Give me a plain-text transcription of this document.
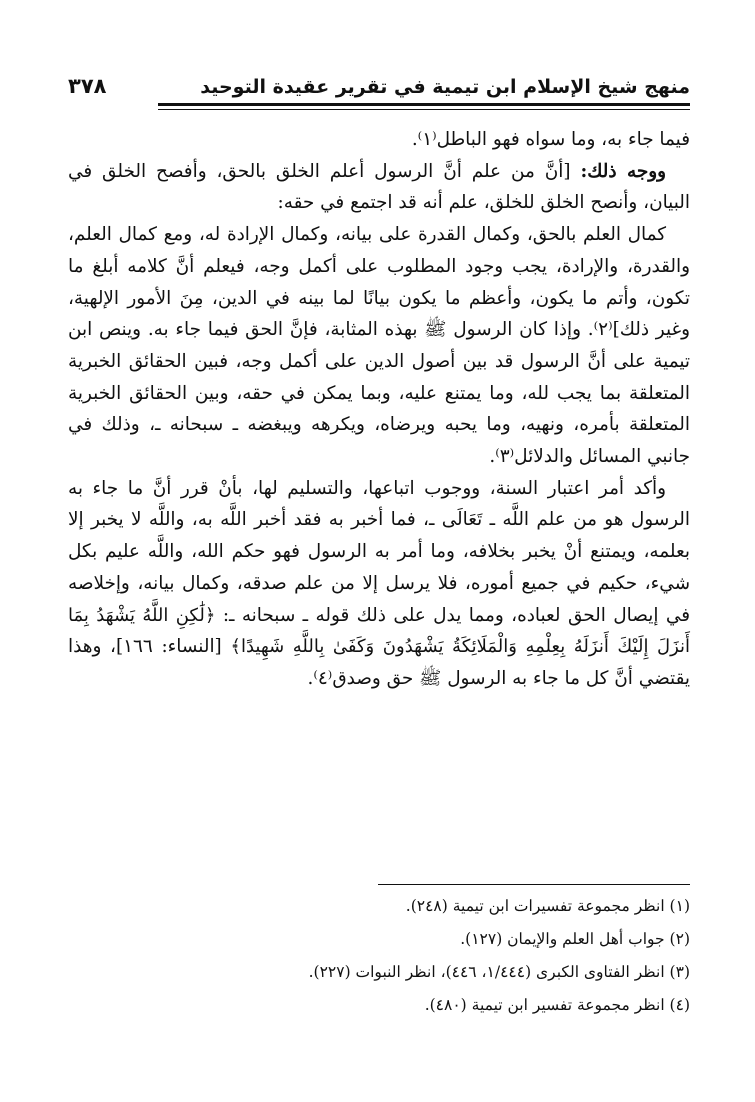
منهج شيخ الإسلام ابن تيمية في تقرير عقيدة التوحيد
٣٧٨

فيما جاء به، وما سواه فهو الباطل⁽١⁾.

ووجه ذلك: [أنَّ من علم أنَّ الرسول أعلم الخلق بالحق، وأفصح الخلق في البيان، وأنصح الخلق للخلق، علم أنه قد اجتمع في حقه:

كمال العلم بالحق، وكمال القدرة على بيانه، وكمال الإرادة له، ومع كمال العلم، والقدرة، والإرادة، يجب وجود المطلوب على أكمل وجه، فيعلم أنَّ كلامه أبلغ ما تكون، وأتم ما يكون، وأعظم ما يكون بيانًا لما بينه في الدين، مِنَ الأمور الإلهية، وغير ذلك]⁽٢⁾. وإذا كان الرسول ﷺ بهذه المثابة، فإنَّ الحق فيما جاء به. وينص ابن تيمية على أنَّ الرسول قد بين أصول الدين على أكمل وجه، فبين الحقائق الخبرية المتعلقة بما يجب لله، وما يمتنع عليه، وبما يمكن في حقه، وبين الحقائق الخبرية المتعلقة بأمره، ونهيه، وما يحبه ويرضاه، ويكرهه ويبغضه ـ سبحانه ـ، وذلك في جانبي المسائل والدلائل⁽٣⁾.

وأكد أمر اعتبار السنة، ووجوب اتباعها، والتسليم لها، بأنْ قرر أنَّ ما جاء به الرسول هو من علم اللَّه ـ تَعَالَى ـ، فما أخبر به فقد أخبر اللَّه به، واللَّه لا يخبر إلا بعلمه، ويمتنع أنْ يخبر بخلافه، وما أمر به الرسول فهو حكم الله، واللَّه عليم بكل شيء، حكيم في جميع أموره، فلا يرسل إلا من علم صدقه، وكمال بيانه، وإخلاصه في إيصال الحق لعباده، ومما يدل على ذلك قوله ـ سبحانه ـ: ﴿لَٰكِنِ اللَّهُ يَشْهَدُ بِمَا أَنزَلَ إِلَيْكَ أَنزَلَهُ بِعِلْمِهِ وَالْمَلَائِكَةُ يَشْهَدُونَ وَكَفَىٰ بِاللَّهِ شَهِيدًا﴾ [النساء: ١٦٦]، وهذا يقتضي أنَّ كل ما جاء به الرسول ﷺ حق وصدق⁽٤⁾.

(١) انظر مجموعة تفسيرات ابن تيمية (٢٤٨).
(٢) جواب أهل العلم والإيمان (١٢٧).
(٣) انظر الفتاوى الكبرى (١/٤٤٤، ٤٤٦)، انظر النبوات (٢٢٧).
(٤) انظر مجموعة تفسير ابن تيمية (٤٨٠).
